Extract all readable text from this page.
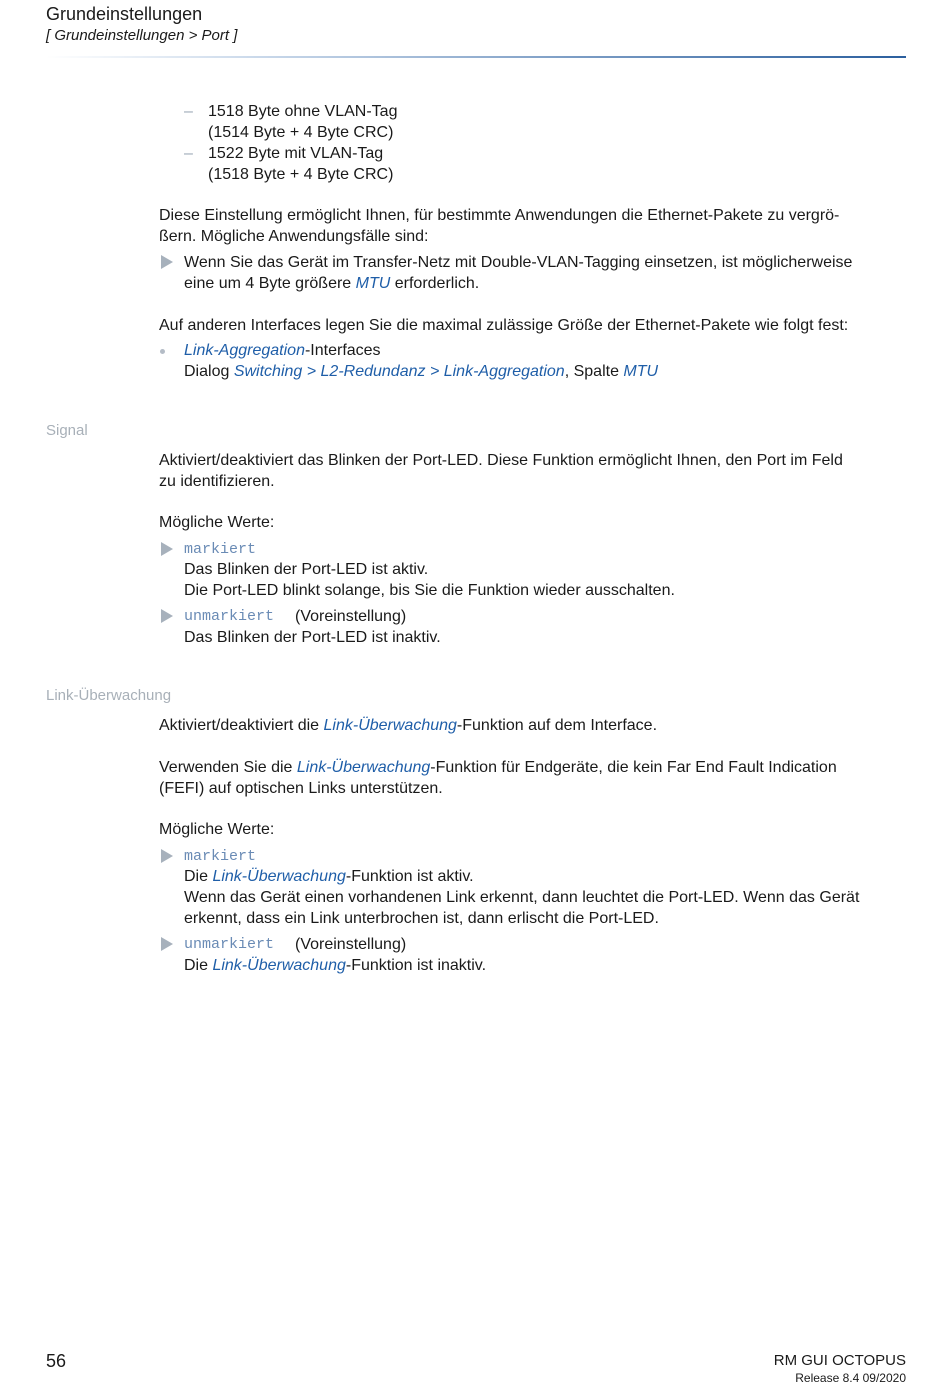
Grundeinstellungen
[ Grundeinstellungen > Port ]
– 1518 Byte ohne VLAN-Tag
(1514 Byte + 4 Byte CRC)
– 1522 Byte mit VLAN-Tag
(1518 Byte + 4 Byte CRC)
Diese Einstellung ermöglicht Ihnen, für bestimmte Anwendungen die Ethernet-Pakete zu vergrö-
ßern. Mögliche Anwendungsfälle sind:
Wenn Sie das Gerät im Transfer-Netz mit Double-VLAN-Tagging einsetzen, ist möglicherweise
eine um 4 Byte größere MTU erforderlich.
Auf anderen Interfaces legen Sie die maximal zulässige Größe der Ethernet-Pakete wie folgt fest:
Link-Aggregation-Interfaces
Dialog Switching > L2-Redundanz > Link-Aggregation, Spalte MTU
Signal
Aktiviert/deaktiviert das Blinken der Port-LED. Diese Funktion ermöglicht Ihnen, den Port im Feld
zu identifizieren.
Mögliche Werte:
markiert
Das Blinken der Port-LED ist aktiv.
Die Port-LED blinkt solange, bis Sie die Funktion wieder ausschalten.
unmarkiert (Voreinstellung)
Das Blinken der Port-LED ist inaktiv.
Link-Überwachung
Aktiviert/deaktiviert die Link-Überwachung-Funktion auf dem Interface.
Verwenden Sie die Link-Überwachung-Funktion für Endgeräte, die kein Far End Fault Indication
(FEFI) auf optischen Links unterstützen.
Mögliche Werte:
markiert
Die Link-Überwachung-Funktion ist aktiv.
Wenn das Gerät einen vorhandenen Link erkennt, dann leuchtet die Port-LED. Wenn das Gerät
erkennt, dass ein Link unterbrochen ist, dann erlischt die Port-LED.
unmarkiert (Voreinstellung)
Die Link-Überwachung-Funktion ist inaktiv.
56	RM GUI OCTOPUS
Release 8.4 09/2020
